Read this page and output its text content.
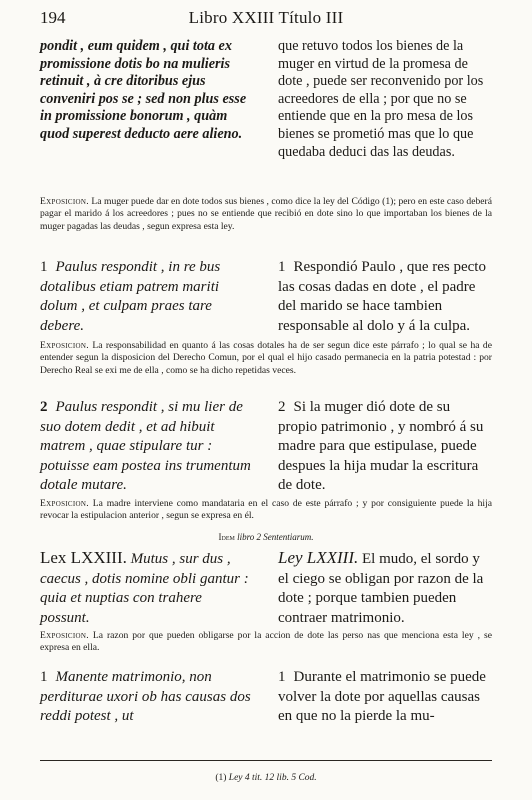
194	Libro XXIII Título III
pondit , eum quidem , qui tota ex promissione dotis bo na mulieris retinuit , à cre ditoribus ejus conveniri pos se ; sed non plus esse in promissione bonorum , quàm quod superest deducto aere alieno.
que retuvo todos los bienes de la muger en virtud de la promesa de dote , puede ser reconvenido por los acreedores de ella ; por que no se entiende que en la pro mesa de los bienes se prometió mas que lo que quedaba deduci das las deudas.
Exposicion. La muger puede dar en dote todos sus bienes , como dice la ley del Código (1); pero en este caso deberá pagar el marido á los acreedores ; pues no se entiende que recibió en dote sino lo que importaban los bienes de la muger pagadas las deudas , segun expresa esta ley.
1 Paulus respondit , in re bus dotalibus etiam patrem mariti dolum , et culpam praes tare debere.
1 Respondió Paulo , que res pecto las cosas dadas en dote , el padre del marido se hace tambien responsable al dolo y á la culpa.
Exposicion. La responsabilidad en quanto á las cosas dotales ha de ser segun dice este párrafo ; lo qual se ha de entender segun la disposicion del Derecho Comun, por el qual el hijo casado permanecia en la patria potestad : por Derecho Real se exi me de ella , como se ha dicho repetidas veces.
2 Paulus respondit , si mu lier de suo dotem dedit , et ad hibuit matrem , quae stipulare tur : potuisse eam postea ins trumentum dotale mutare.
2 Si la muger dió dote de su propio patrimonio , y nombró á su madre para que estipulase, puede despues la hija mudar la escritura de dote.
Exposicion. La madre interviene como mandataria en el caso de este párrafo ; y por consiguiente puede la hija revocar la estipulacion anterior , segun se expresa en él.
Idem libro 2 Sententiarum.
Lex LXXIII. Mutus , sur dus , caecus , dotis nomine obli gantur : quia et nuptias con trahere possunt.
Ley LXXIII. El mudo, el sordo y el ciego se obligan por razon de la dote ; porque tambien pueden contraer matrimonio.
Exposicion. La razon por que pueden obligarse por la accion de dote las perso nas que menciona esta ley , se expresa en ella.
1 Manente matrimonio, non perditurae uxori ob has causas dos reddi potest , ut
1 Durante el matrimonio se puede volver la dote por aquellas causas en que no la pierde la mu-
(1) Ley 4 tit. 12 lib. 5 Cod.
